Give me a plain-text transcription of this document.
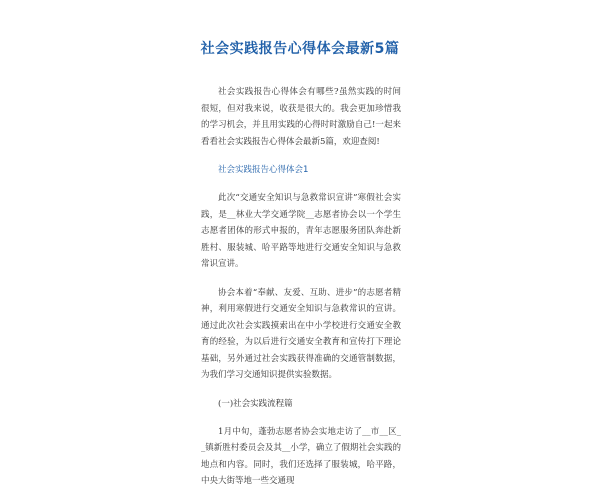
社会实践报告心得体会最新5篇

社会实践报告心得体会有哪些?虽然实践的时间很短，但对我来说，收获是很大的。我会更加珍惜我的学习机会，并且用实践的心得时时激励自己!一起来看看社会实践报告心得体会最新5篇，欢迎查阅!

社会实践报告心得体会1

此次“交通安全知识与急救常识宣讲”寒假社会实践，是__林业大学交通学院__志愿者协会以一个学生志愿者团体的形式申报的，青年志愿服务团队奔赴新胜村、服装城、哈平路等地进行交通安全知识与急救常识宣讲。

协会本着“奉献、友爱、互助、进步”的志愿者精神，利用寒假进行交通安全知识与急救常识的宣讲。通过此次社会实践摸索出在中小学校进行交通安全教育的经验，为以后进行交通安全教育和宣传打下理论基础，另外通过社会实践获得准确的交通管制数据，为我们学习交通知识提供实验数据。

(一)社会实践流程篇

1月中旬，蓬勃志愿者协会实地走访了__市__区__镇新胜村委员会及其__小学，确立了假期社会实践的地点和内容。同时，我们还选择了服装城，哈平路，中央大街等地一些交通现
